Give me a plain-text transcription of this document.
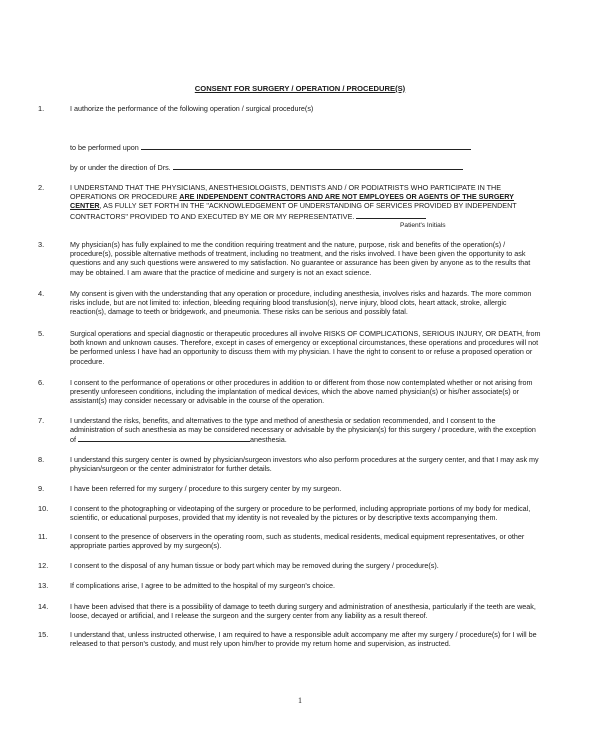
CONSENT FOR SURGERY / OPERATION / PROCEDURE(S)
1.	I authorize the performance of the following operation / surgical procedure(s)

to be performed upon
by or under the direction of Drs.
2.	I UNDERSTAND THAT THE PHYSICIANS, ANESTHESIOLOGISTS, DENTISTS AND / OR PODIATRISTS WHO PARTICIPATE IN THE OPERATIONS OR PROCEDURE ARE INDEPENDENT CONTRACTORS AND ARE NOT EMPLOYEES OR AGENTS OF THE SURGERY CENTER, AS FULLY SET FORTH IN THE "ACKNOWLEDGEMENT OF UNDERSTANDING OF SERVICES PROVIDED BY INDEPENDENT CONTRACTORS" PROVIDED TO AND EXECUTED BY ME OR MY REPRESENTATIVE.

Patient's Initials
3.	My physician(s) has fully explained to me the condition requiring treatment and the nature, purpose, risk and benefits of the operation(s) / procedure(s), possible alternative methods of treatment, including no treatment, and the risks involved. I have been given the opportunity to ask questions and any such questions were answered to my satisfaction. No guarantee or assurance has been given by anyone as to the results that may be obtained. I am aware that the practice of medicine and surgery is not an exact science.

4.	My consent is given with the understanding that any operation or procedure, including anesthesia, involves risks and hazards. The more common risks include, but are not limited to: infection, bleeding requiring blood transfusion(s), nerve injury, blood clots, heart attack, stroke, allergic reaction(s), damage to teeth or bridgework, and pneumonia. These risks can be serious and possibly fatal.

5.	Surgical operations and special diagnostic or therapeutic procedures all involve RISKS OF COMPLICATIONS, SERIOUS INJURY, OR DEATH, from both known and unknown causes. Therefore, except in cases of emergency or exceptional circumstances, these operations and procedures will not be performed unless I have had an opportunity to discuss them with my physician. I have the right to consent to or refuse a proposed operation or procedure.

6.	I consent to the performance of operations or other procedures in addition to or different from those now contemplated whether or not arising from presently unforeseen conditions, including the implantation of medical devices, which the above named physician(s) or his/her associate(s) or assistant(s) may consider necessary or advisable in the course of the operation.

7.	I understand the risks, benefits, and alternatives to the type and method of anesthesia or sedation recommended, and I consent to the administration of such anesthesia as may be considered necessary or advisable by the physician(s) for this surgery / procedure, with the exception of	anesthesia.

8.	I understand this surgery center is owned by physician/surgeon investors who also perform procedures at the surgery center, and that I may ask my physician/surgeon or the center administrator for further details.

9.	I have been referred for my surgery / procedure to this surgery center by my surgeon.

10.	I consent to the photographing or videotaping of the surgery or procedure to be performed, including appropriate portions of my body for medical, scientific, or educational purposes, provided that my identity is not revealed by the pictures or by descriptive texts accompanying them.

11.	I consent to the presence of observers in the operating room, such as students, medical residents, medical equipment representatives, or other appropriate parties approved by my surgeon(s).

12.	I consent to the disposal of any human tissue or body part which may be removed during the surgery / procedure(s).

13.	If complications arise, I agree to be admitted to the hospital of my surgeon's choice.

14.	I have been advised that there is a possibility of damage to teeth during surgery and administration of anesthesia, particularly if the teeth are weak, loose, decayed or artificial, and I release the surgeon and the surgery center from any liability as a result thereof.

15.	I understand that, unless instructed otherwise, I am required to have a responsible adult accompany me after my surgery / procedure(s) for I will be released to that person's custody, and must rely upon him/her to provide my return home and supervision, as instructed.

1
